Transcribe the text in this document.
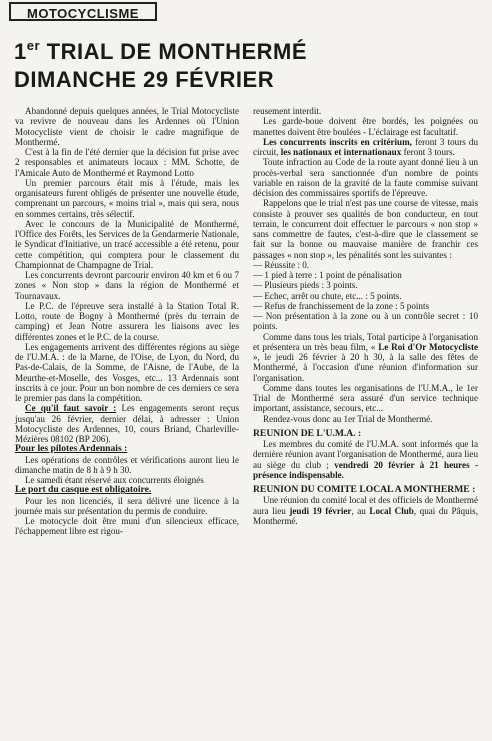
MOTOCYCLISME
1er TRIAL DE MONTHERMÉ
DIMANCHE 29 FÉVRIER

Abandonné depuis quelques années, le Trial Motocycliste va revivre de nouveau dans les Ardennes où l'Union Motocycliste vient de choisir le cadre magnifique de Monthermé.

C'est à la fin de l'été dernier que la décision fut prise avec 2 responsables et animateurs locaux : MM. Schotte, de l'Amicale Auto de Monthermé et Raymond Lotto

Un premier parcours était mis à l'étude, mais les organisateurs furent obligés de présenter une nouvelle étude, comprenant un parcours, « moins trial », mais qui sera, nous en sommes certains, très sélectif.

Avec le concours de la Municipalité de Monthermé, l'Office des Forêts, les Services de la Gendarmerie Nationale, le Syndicat d'Initiative, un tracé accessible a été retenu, pour cette compétition, qui comptera pour le classement du Championnat de Champagne de Trial.

Les concurrents devront parcourir environ 40 km et 6 ou 7 zones « Non stop » dans la région de Monthermé et Tournavaux.

Le P.C. de l'épreuve sera installé à la Station Total R. Lotto, route de Bogny à Monthermé (près du terrain de camping) et Jean Notre assurera les liaisons avec les différentes zones et le P.C. de la course.

Les engagements arrivent des différentes régions au siège de l'U.M.A. : de la Marne, de l'Oise, de Lyon, du Nord, du Pas-de-Calais, de la Somme, de l'Aisne, de l'Aube, de la Meurthe-et-Moselle, des Vosges, etc... 13 Ardennais sont inscrits à ce jour. Pour un bon nombre de ces derniers ce sera le premier pas dans la compétition.

Ce qu'il faut savoir : Les engagements seront reçus jusqu'au 26 février, dernier délai, à adresser : Union Motocycliste des Ardennes, 10, cours Briand, Charleville-Mézières 08102 (BP 206).

Pour les pilotes Ardennais :

Les opérations de contrôles et vérifications auront lieu le dimanche matin de 8 h à 9 h 30.

Le samedi étant réservé aux concurrents éloignés

Le port du casque est obligatoire.

Pour les non licenciés, il sera délivré une licence à la journée mais sur présentation du permis de conduire.

Le motocycle doit être muni d'un silencieux efficace, l'échappement libre est rigou-

reusement interdit.

Les garde-boue doivent être bordés, les poignées ou manettes doivent être boulées - L'éclairage est facultatif.

Les concurrents inscrits en critérium, feront 3 tours du circuit, les nationaux et internationaux feront 3 tours.

Toute infraction au Code de la route ayant donné lieu à un procès-verbal sera sanctionnée d'un nombre de points variable en raison de la gravité de la faute commise suivant décision des commissaires sportifs de l'épreuve.

Rappelons que le trial n'est pas une course de vitesse, mais consiste à prouver ses qualités de bon conducteur, en tout terrain, le concurrent doit effectuer le parcours « non stop » sans commettre de fautes, c'est-à-dire que le classement se fait sur la bonne ou mauvaise manière de franchir ces passages « non stop », les pénalités sont les suivantes :

— Réussite : 0.

— 1 pied à terre : 1 point de pénalisation

— Plusieurs pieds : 3 points.

— Echec, arrêt ou chute, etc... : 5 points.

— Refus de franchissement de la zone : 5 points

— Non présentation à la zone ou à un contrôle secret : 10 points.

Comme dans tous les trials, Total participe à l'organisation et présentera un très beau film, « Le Roi d'Or Motocycliste », le jeudi 26 février à 20 h 30, à la salle des fêtes de Monthermé, à l'occasion d'une réunion d'information sur l'organisation.

Comme dans toutes les organisations de l'U.M.A., le 1er Trial de Monthermé sera assuré d'un service technique important, assistance, secours, etc...

Rendez-vous donc au 1er Trial de Monthermé.

REUNION DE L'U.M.A. :

Les membres du comité de l'U.M.A. sont informés que la dernière réunion avant l'organisation de Monthermé, aura lieu au siège du club ; vendredi 20 février à 21 heures - présence indispensable.

REUNION DU COMITE LOCAL A MONTHERME :

Une réunion du comité local et des officiels de Monthermé aura lieu jeudi 19 février, au Local Club, quai du Pâquis, Monthermé.
